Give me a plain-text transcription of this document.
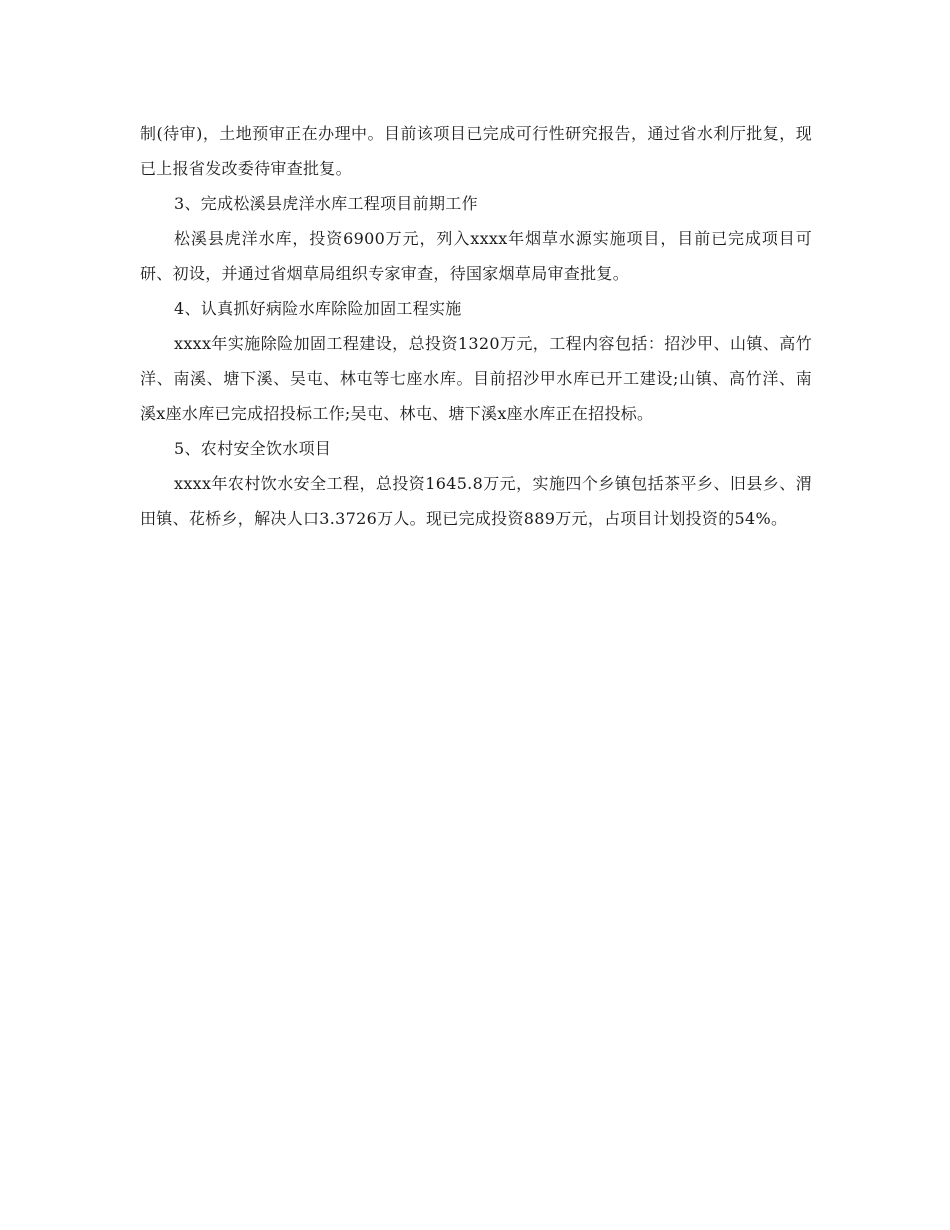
制(待审)，土地预审正在办理中。目前该项目已完成可行性研究报告，通过省水利厅批复，现已上报省发改委待审查批复。

3、完成松溪县虎洋水库工程项目前期工作

松溪县虎洋水库，投资6900万元，列入xxxx年烟草水源实施项目，目前已完成项目可研、初设，并通过省烟草局组织专家审查，待国家烟草局审查批复。

4、认真抓好病险水库除险加固工程实施

xxxx年实施除险加固工程建设，总投资1320万元，工程内容包括：招沙甲、山镇、高竹洋、南溪、塘下溪、吴屯、林屯等七座水库。目前招沙甲水库已开工建设;山镇、高竹洋、南溪x座水库已完成招投标工作;吴屯、林屯、塘下溪x座水库正在招投标。

5、农村安全饮水项目

xxxx年农村饮水安全工程，总投资1645.8万元，实施四个乡镇包括茶平乡、旧县乡、渭田镇、花桥乡，解决人口3.3726万人。现已完成投资889万元，占项目计划投资的54%。
